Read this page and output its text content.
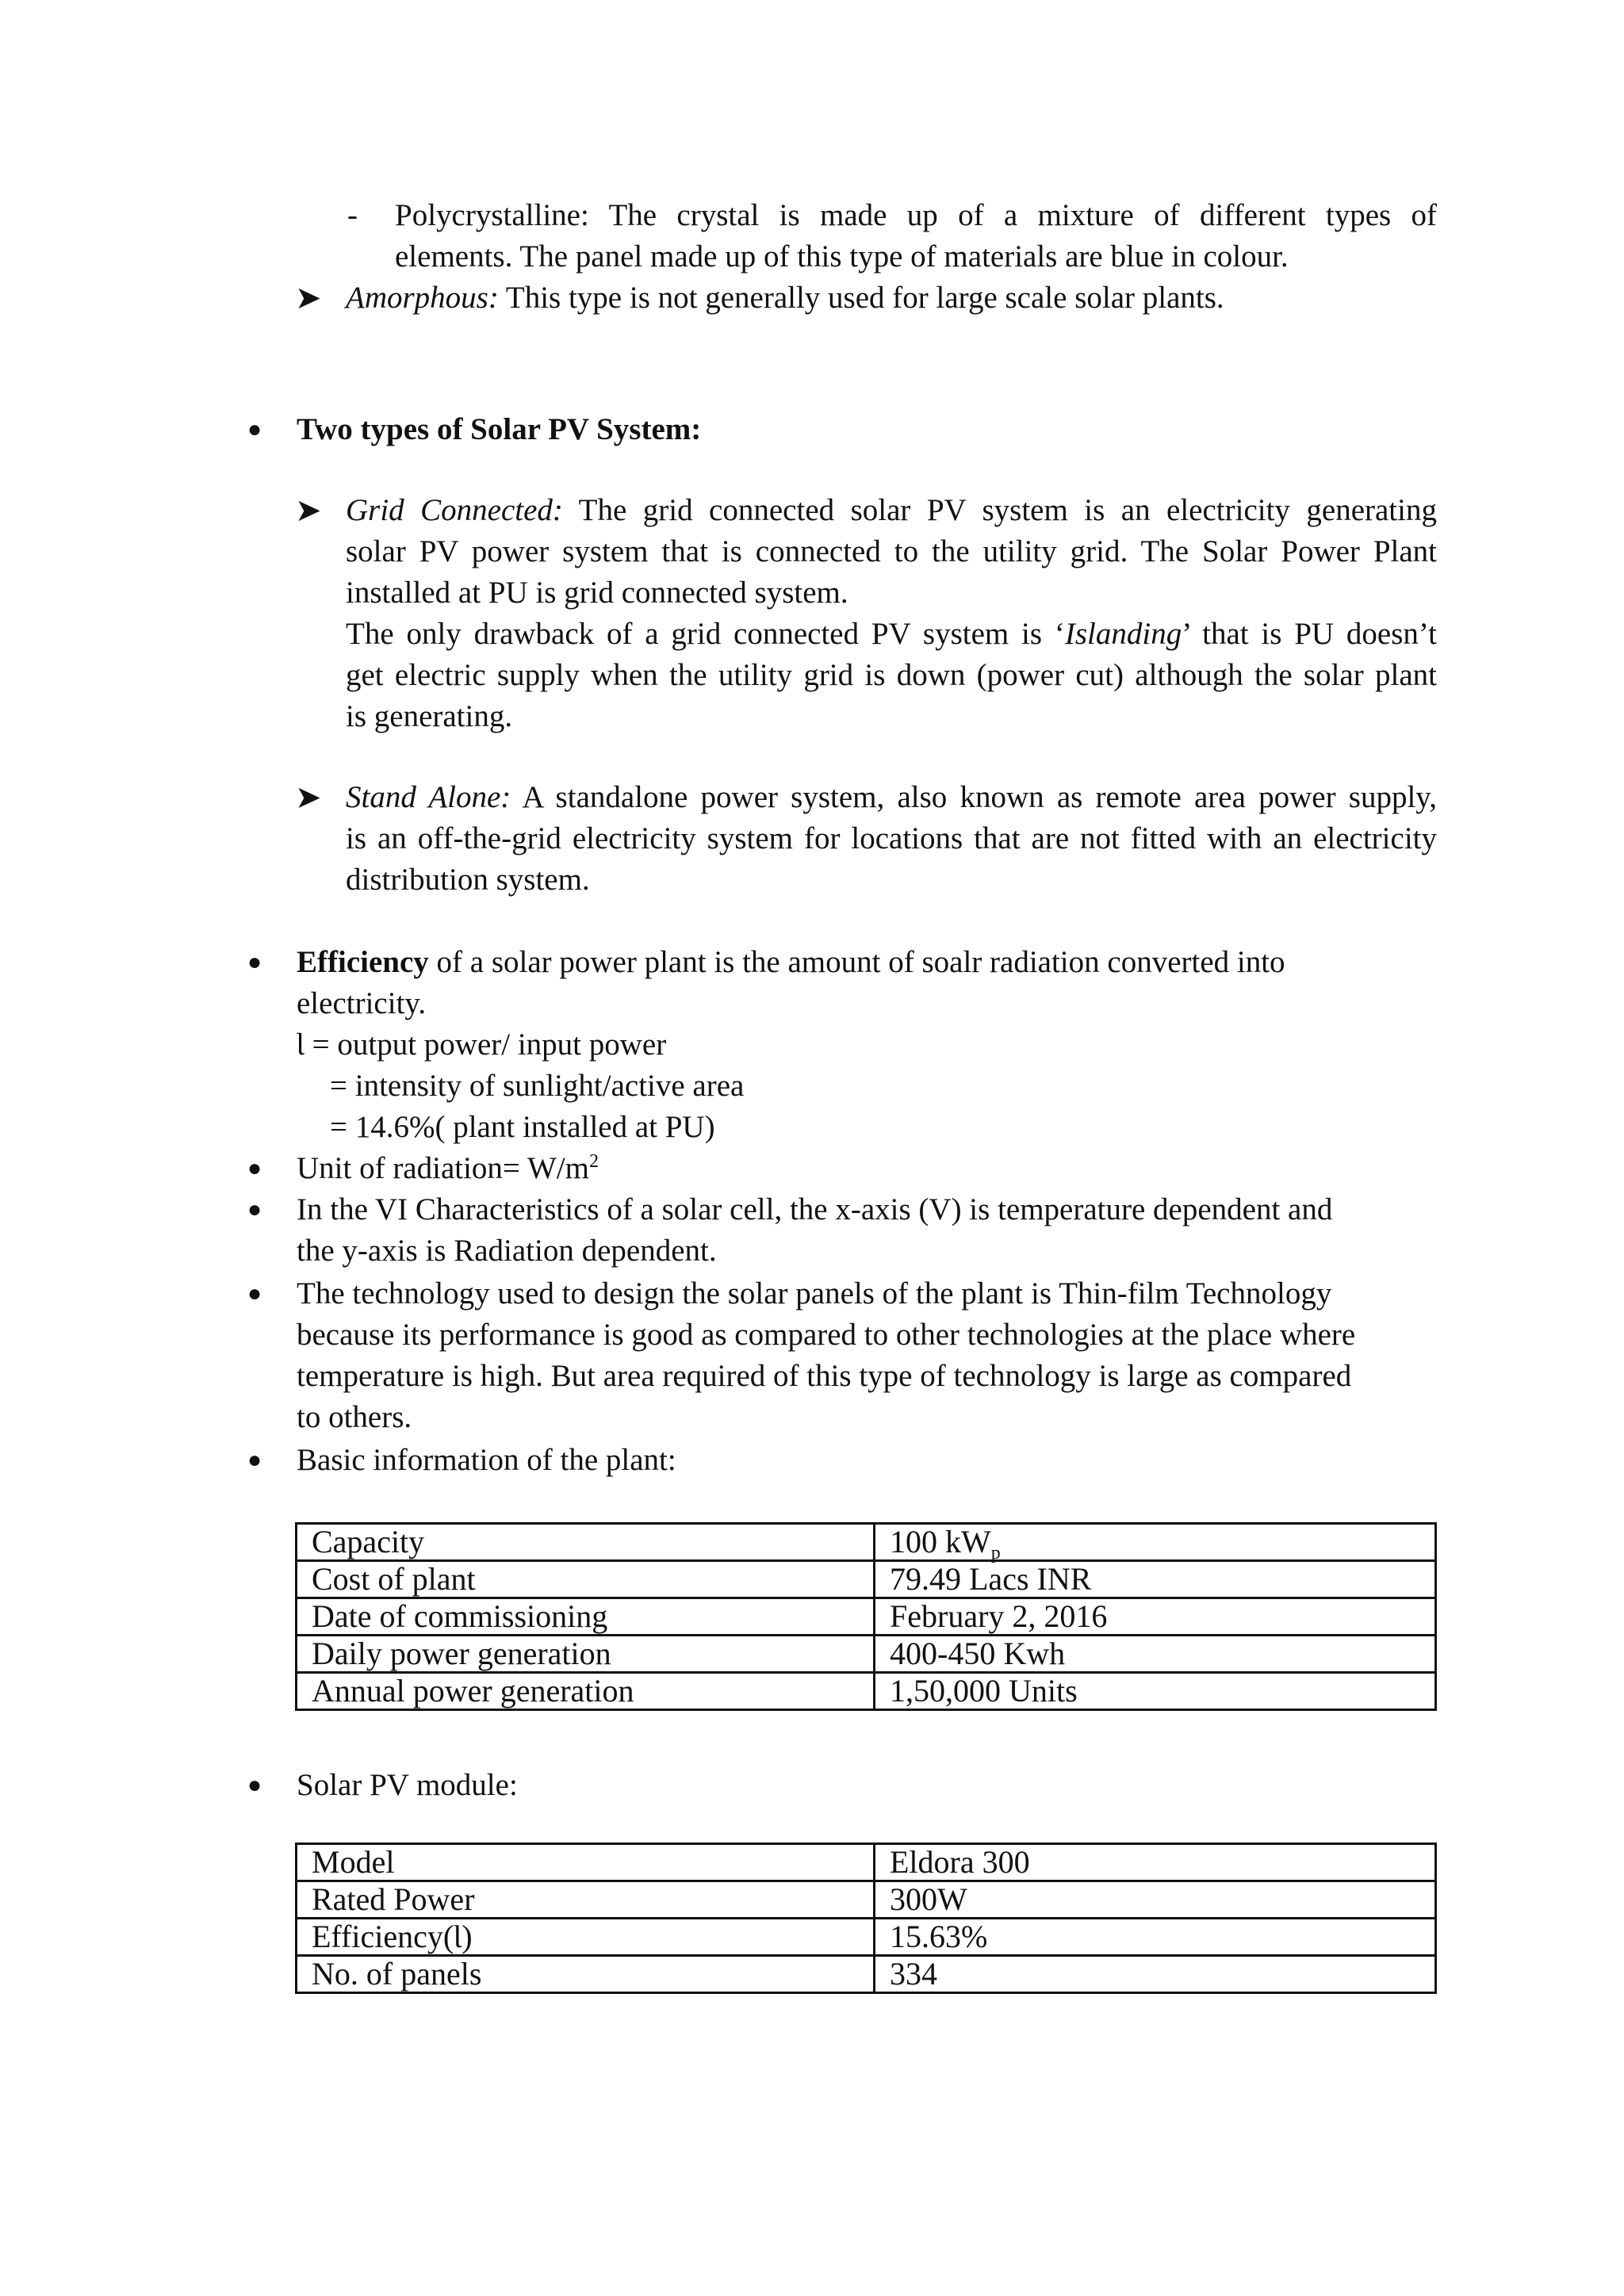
- Polycrystalline: The crystal is made up of a mixture of different types of
elements. The panel made up of this type of materials are blue in colour.
➤ Amorphous: This type is not generally used for large scale solar plants.
● Two types of Solar PV System:
➤ Grid Connected: The grid connected solar PV system is an electricity generating
solar PV power system that is connected to the utility grid. The Solar Power Plant
installed at PU is grid connected system.
The only drawback of a grid connected PV system is ‘Islanding’ that is PU doesn’t
get electric supply when the utility grid is down (power cut) although the solar plant
is generating.
➤ Stand Alone: A standalone power system, also known as remote area power supply,
is an off-the-grid electricity system for locations that are not fitted with an electricity
distribution system.
● Efficiency of a solar power plant is the amount of soalr radiation converted into
electricity.
Ɩ = output power/ input power
= intensity of sunlight/active area
= 14.6%( plant installed at PU)
● Unit of radiation= $W/m^2$
● In the VI Characteristics of a solar cell, the x-axis (V) is temperature dependent and
the y-axis is Radiation dependent.
● The technology used to design the solar panels of the plant is Thin-film Technology
because its performance is good as compared to other technologies at the place where
temperature is high. But area required of this type of technology is large as compared
to others.
● Basic information of the plant:
Capacity	100 $kW_p$
Cost of plant	79.49 Lacs INR
Date of commissioning	February 2, 2016
Daily power generation	400-450 Kwh
Annual power generation	1,50,000 Units
● Solar PV module:
Model	Eldora 300
Rated Power	300W
Efficiency(Ɩ)	15.63%
No. of panels	334
